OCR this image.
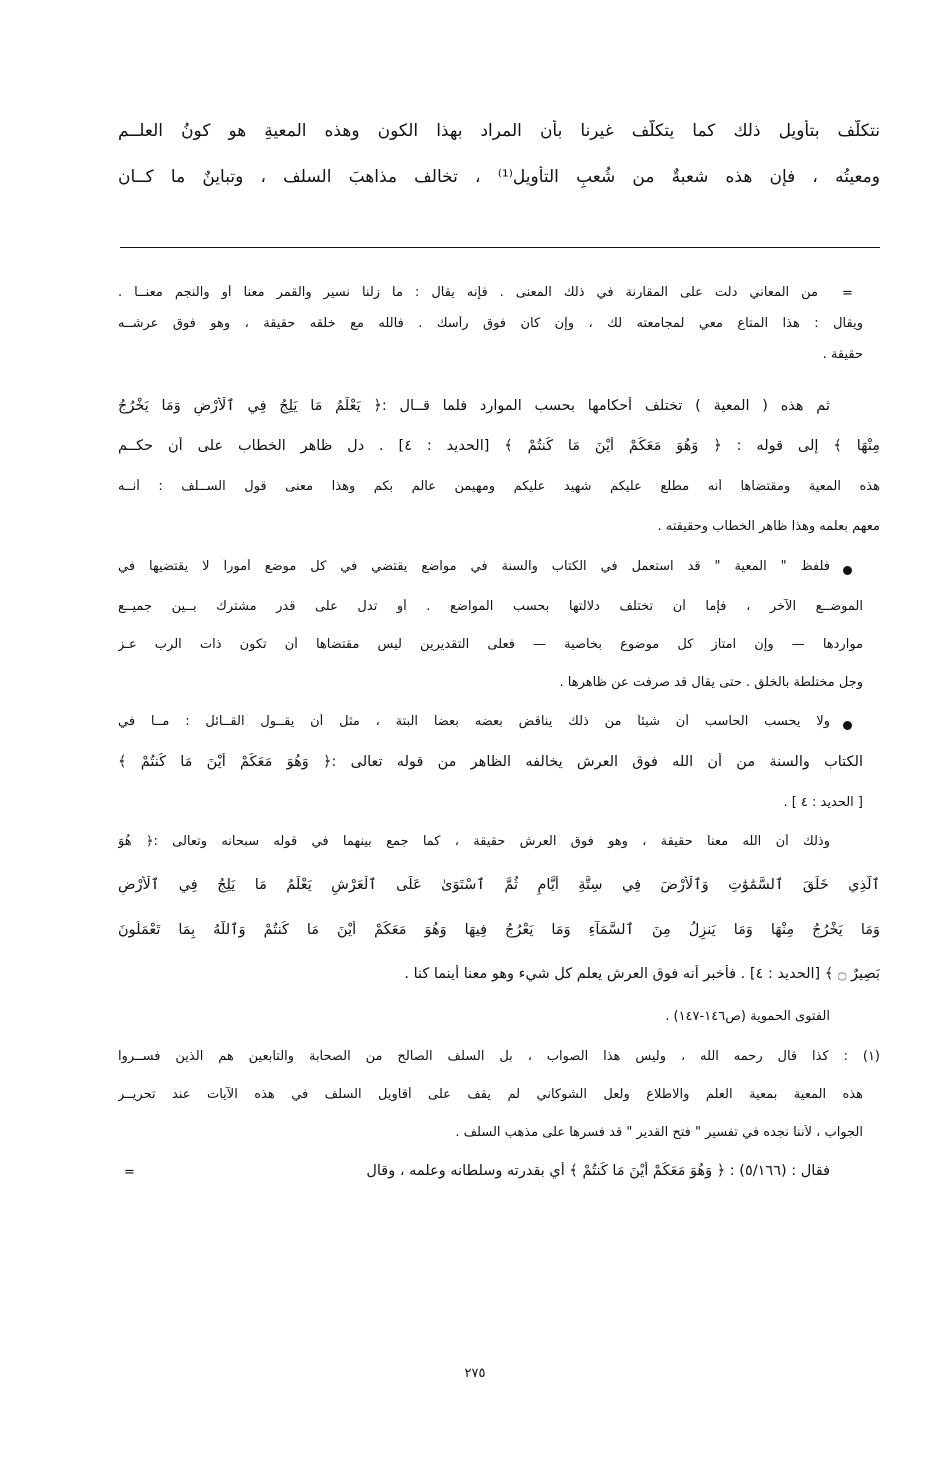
نتكلّف بتأويل ذلك كما يتكلّف غيرنا بأن المراد بهذا الكون وهذه المعيةِ هو كونُ العلــم
ومعيتُه ، فإن هذه شعبةٌ من شُعبِ التأويل⁽¹⁾ ، تخالف مذاهبَ السلف ، وتباينٌ ما كــان
=
من المعاني دلت على المقارنة في ذلك المعنى . فإنه يقال : ما زلنا نسير والقمر معنا أو والنجم معنــا .
ويقال : هذا المتاع معي لمجامعته لك ، وإن كان فوق رأسك . فالله مع خلقه حقيقة ، وهو فوق عرشــه
حقيقة .
ثم هذه ( المعية ) تختلف أحكامها بحسب الموارد فلما قــال :﴿ يَعْلَمُ مَا يَلِجُ فِي ٱلْأَرْضِ وَمَا يَخْرُجُ
مِنْهَا ﴾ إلى قوله : ﴿ وَهُوَ مَعَكُمْ أَيْنَ مَا كُنتُمْ ﴾ [الحديد : ٤] . دل ظاهر الخطاب على أن حكــم
هذه المعية ومقتضاها أنه مطلع عليكم شهيد عليكم ومهيمن عالم بكم وهذا معنى قول الســلف : أنــه
معهم بعلمه وهذا ظاهر الخطاب وحقيقته .
فلفظ " المعية " قد استعمل في الكتاب والسنة في مواضع يقتضي في كل موضع أموراً لا يقتضيها في
الموضــع الآخر ، فإما أن تختلف دلالتها بحسب المواضع . أو تدل على قدر مشترك بــين جميــع
مواردها — وإن امتاز كل موضوع بخاصية — فعلى التقديرين ليس مقتضاها أن تكون ذات الرب عـز
وجل مختلطة بالخلق . حتى يقال قد صرفت عن ظاهرها .
ولا يحسب الحاسب أن شيئاً من ذلك يناقض بعضه بعضاً البتة ، مثل أن يقــول القــائل : مــا في
الكتاب والسنة من أن الله فوق العرش يخالفه الظاهر من قوله تعالى :﴿ وَهُوَ مَعَكُمْ أَيْنَ مَا كُنتُمْ ﴾
[ الحديد : ٤ ] .
وذلك أن الله معنا حقيقة ، وهو فوق العرش حقيقة ، كما جمع بينهما في قوله سبحانه وتعالى :﴿ هُوَ
ٱلَّذِي خَلَقَ ٱلسَّمَٰوَٰتِ وَٱلْأَرْضَ فِي سِتَّةِ أَيَّامٍ ثُمَّ ٱسْتَوَىٰ عَلَى ٱلْعَرْشِ يَعْلَمُ مَا يَلِجُ فِي ٱلْأَرْضِ
وَمَا يَخْرُجُ مِنْهَا وَمَا يَنزِلُ مِنَ ٱلسَّمَآءِ وَمَا يَعْرُجُ فِيهَا وَهُوَ مَعَكُمْ أَيْنَ مَا كُنتُمْ وَٱللَّهُ بِمَا تَعْمَلُونَ
بَصِيرٌ ۝ ﴾ [الحديد : ٤] . فأخبر أنه فوق العرش يعلم كل شيء وهو معنا أينما كنا .
الفتوى الحموية (ص١٤٦-١٤٧) .
(١) : كذا قال رحمه الله ، وليس هذا الصواب ، بل السلف الصالح من الصحابة والتابعين هم الذين فســروا
هذه المعية بمعية العلم والاطلاع ولعل الشوكاني لم يقف على أقاويل السلف في هذه الآيات عند تحريــر
الجواب ، لأننا نجده في تفسير " فتح القدير " قد فسرها على مذهب السلف .
فقال : (٥/١٦٦) : ﴿ وَهُوَ مَعَكُمْ أَيْنَ مَا كُنتُمْ ﴾ أي بقدرته وسلطانه وعلمه ، وقال
=
٢٧٥
